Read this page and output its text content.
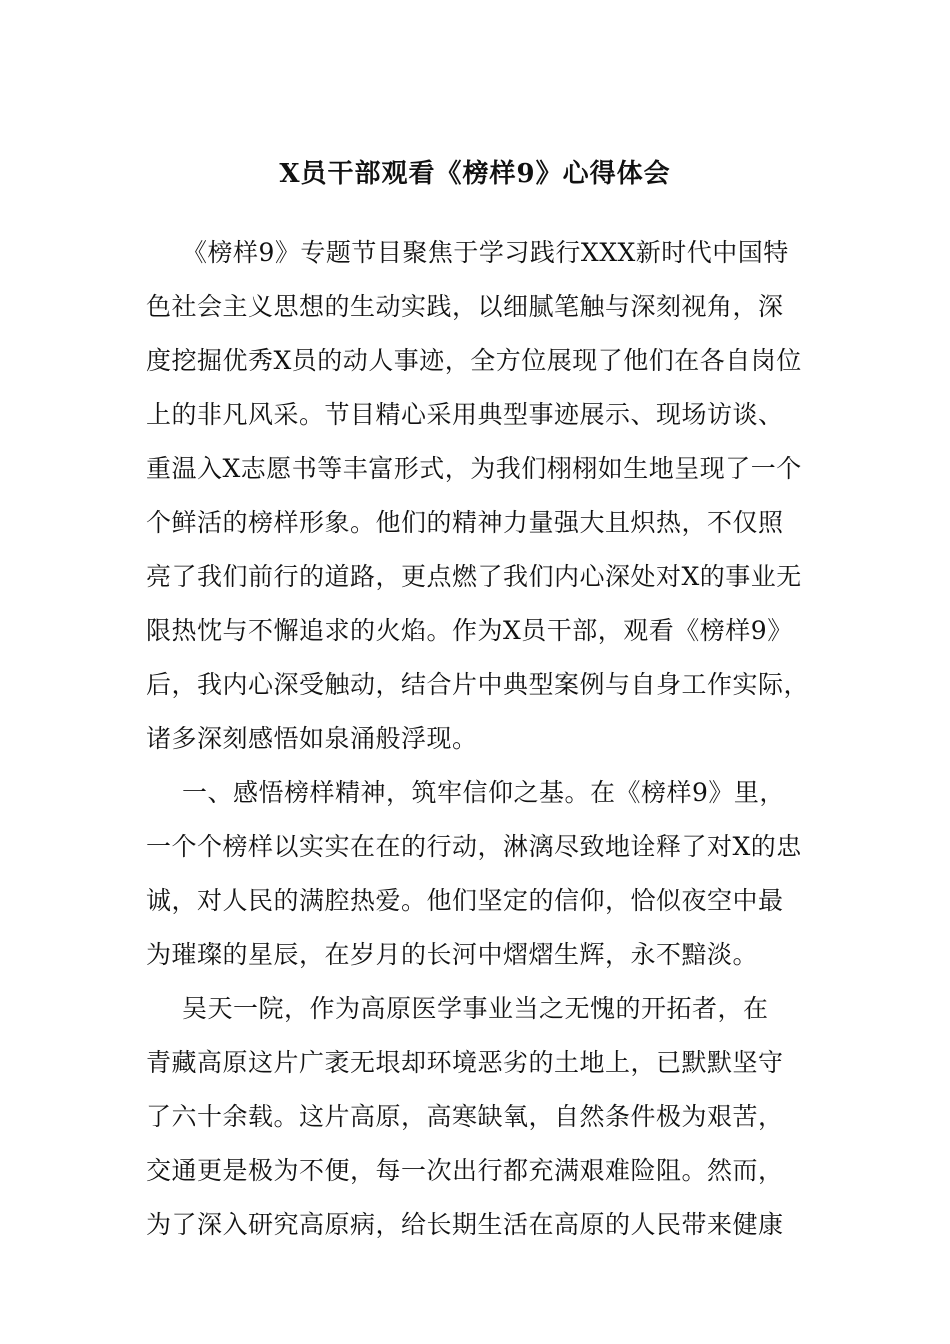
X员干部观看《榜样9》心得体会
《榜样9》专题节目聚焦于学习践行XXX新时代中国特
色社会主义思想的生动实践，以细腻笔触与深刻视角，深
度挖掘优秀X员的动人事迹，全方位展现了他们在各自岗位
上的非凡风采。节目精心采用典型事迹展示、现场访谈、
重温入X志愿书等丰富形式，为我们栩栩如生地呈现了一个
个鲜活的榜样形象。他们的精神力量强大且炽热，不仅照
亮了我们前行的道路，更点燃了我们内心深处对X的事业无
限热忱与不懈追求的火焰。作为X员干部，观看《榜样9》
后，我内心深受触动，结合片中典型案例与自身工作实际，
诸多深刻感悟如泉涌般浮现。
一、感悟榜样精神，筑牢信仰之基。在《榜样9》里，
一个个榜样以实实在在的行动，淋漓尽致地诠释了对X的忠
诚，对人民的满腔热爱。他们坚定的信仰，恰似夜空中最
为璀璨的星辰，在岁月的长河中熠熠生辉，永不黯淡。
吴天一院，作为高原医学事业当之无愧的开拓者，在
青藏高原这片广袤无垠却环境恶劣的土地上，已默默坚守
了六十余载。这片高原，高寒缺氧，自然条件极为艰苦，
交通更是极为不便，每一次出行都充满艰难险阻。然而，
为了深入研究高原病，给长期生活在高原的人民带来健康
